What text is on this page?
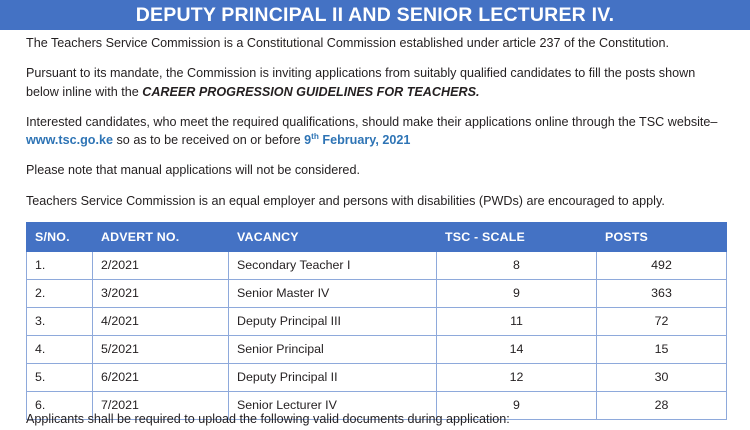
DEPUTY PRINCIPAL II AND SENIOR LECTURER IV.

The Teachers Service Commission is a Constitutional Commission established under article 237 of the Constitution.

Pursuant to its mandate, the Commission is inviting applications from suitably qualified candidates to fill the posts shown below inline with the CAREER PROGRESSION GUIDELINES FOR TEACHERS.

Interested candidates, who meet the required qualifications, should make their applications online through the TSC website– www.tsc.go.ke so as to be received on or before 9th February, 2021

Please note that manual applications will not be considered.

Teachers Service Commission is an equal employer and persons with disabilities (PWDs) are encouraged to apply.

S/NO.	ADVERT NO.	VACANCY	TSC - SCALE	POSTS
1.	2/2021	Secondary Teacher I	8	492
2.	3/2021	Senior Master IV	9	363
3.	4/2021	Deputy Principal III	11	72
4.	5/2021	Senior Principal	14	15
5.	6/2021	Deputy Principal II	12	30
6.	7/2021	Senior Lecturer IV	9	28
Applicants shall be required to upload the following valid documents during application:
